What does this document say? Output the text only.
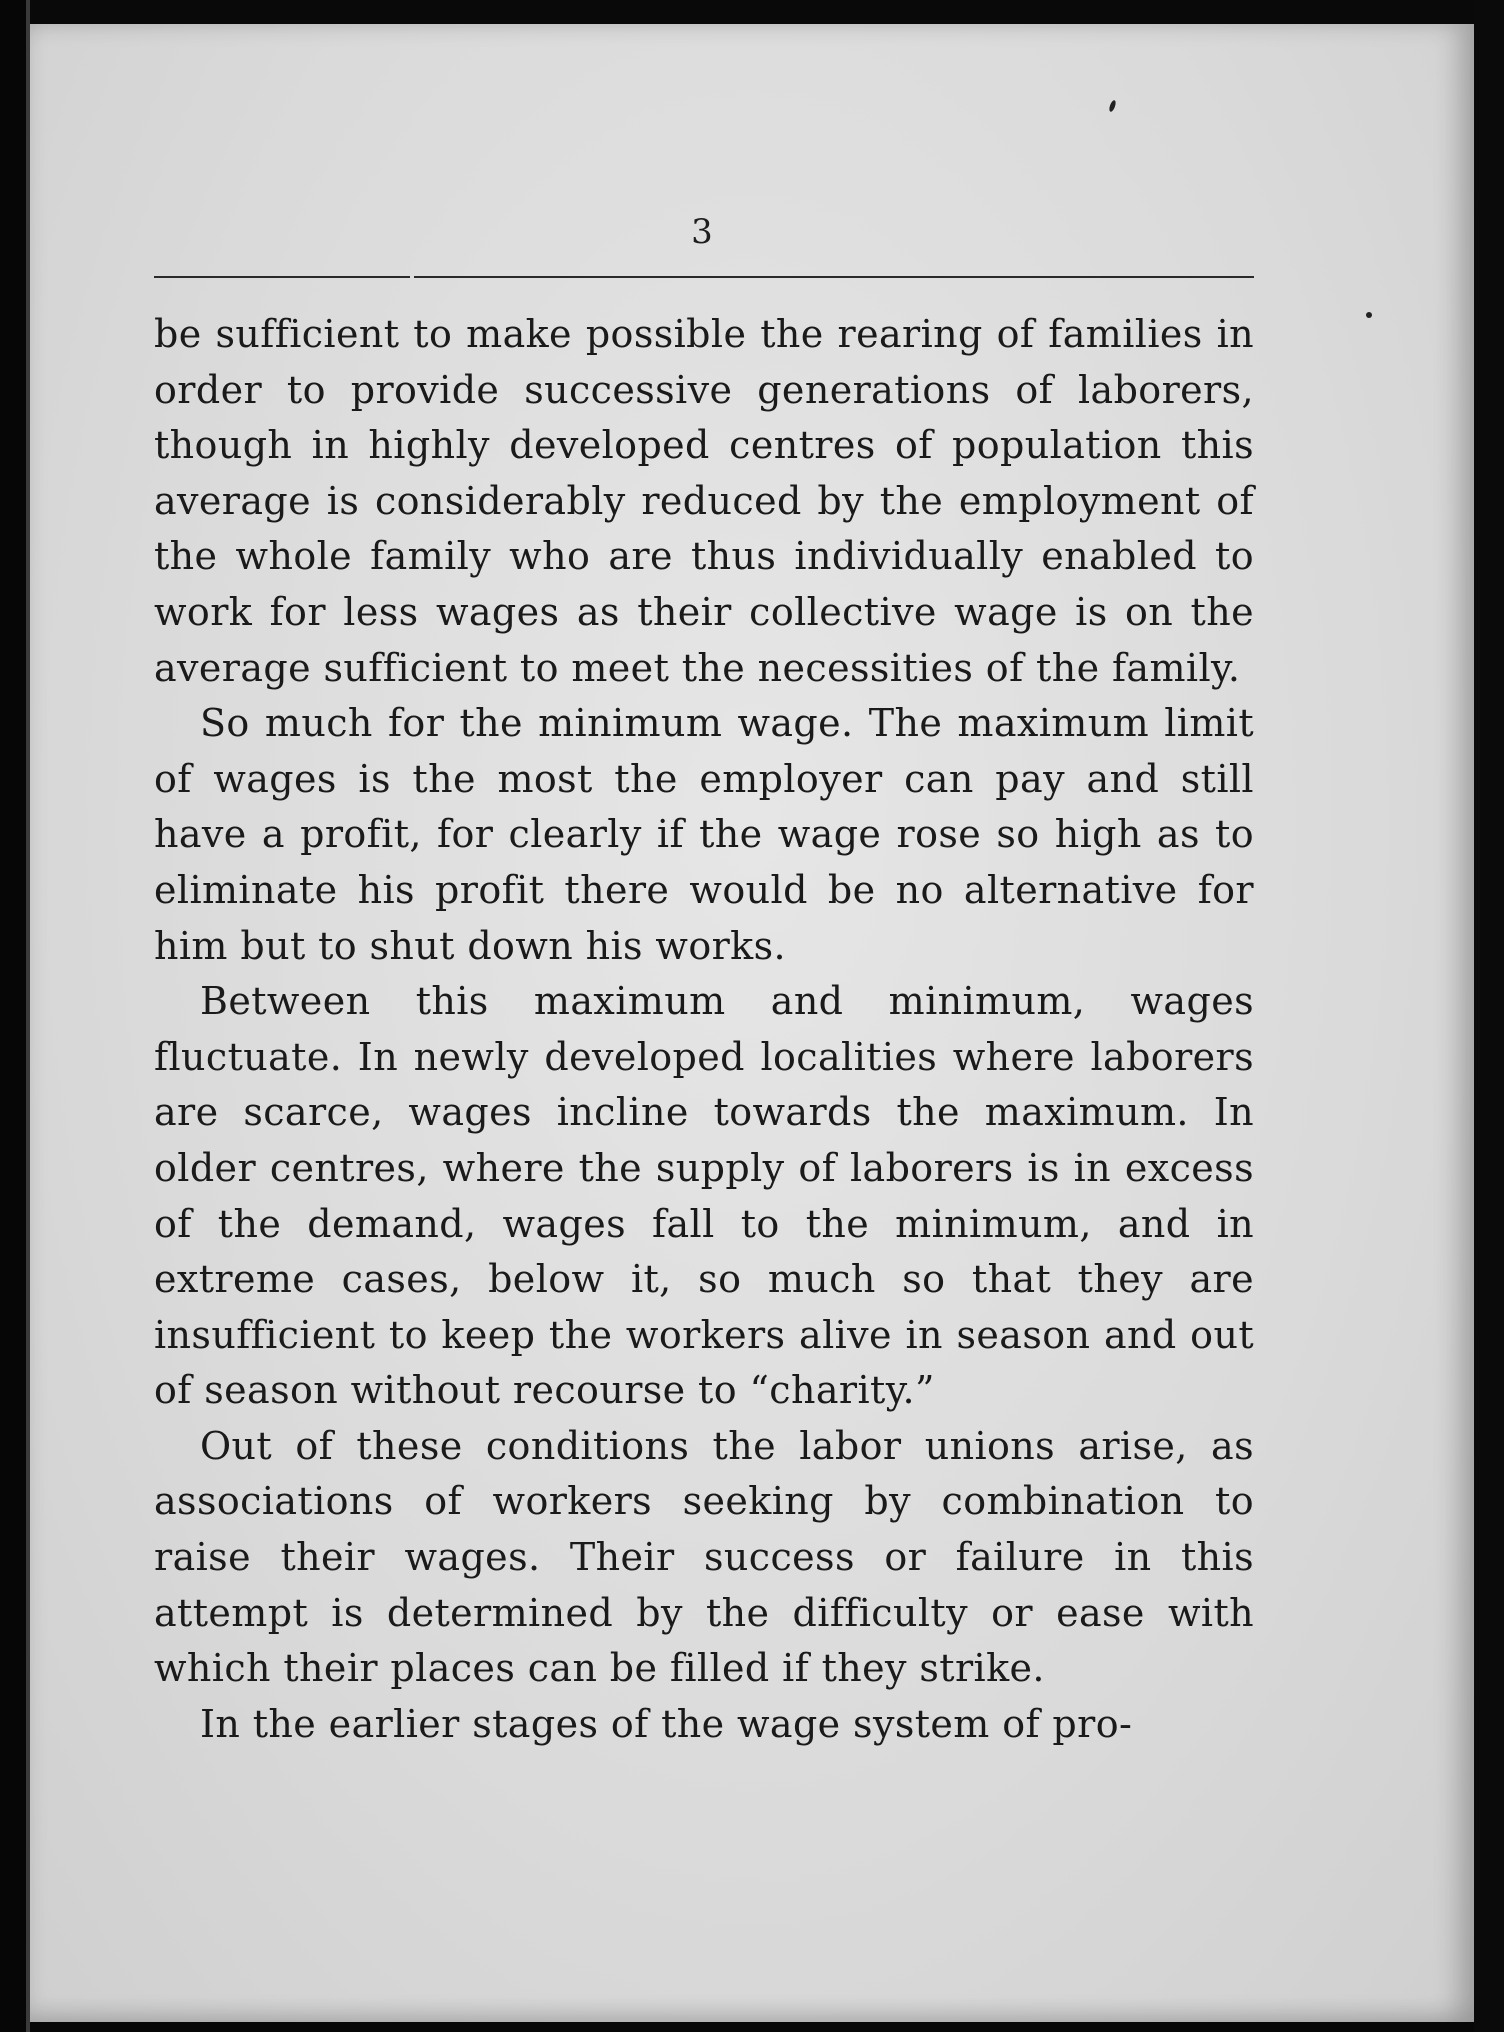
3

be sufficient to make possible the rearing of families in order to provide successive generations of laborers, though in highly developed centres of population this average is considerably reduced by the employment of the whole family who are thus individually enabled to work for less wages as their collective wage is on the average sufficient to meet the necessities of the family.

So much for the minimum wage. The maximum limit of wages is the most the employer can pay and still have a profit, for clearly if the wage rose so high as to eliminate his profit there would be no alternative for him but to shut down his works.

Between this maximum and minimum, wages fluctuate. In newly developed localities where laborers are scarce, wages incline towards the maximum. In older centres, where the supply of laborers is in excess of the demand, wages fall to the minimum, and in extreme cases, below it, so much so that they are insufficient to keep the workers alive in season and out of season without recourse to “charity.”

Out of these conditions the labor unions arise, as associations of workers seeking by combination to raise their wages. Their success or failure in this attempt is determined by the difficulty or ease with which their places can be filled if they strike.

In the earlier stages of the wage system of pro-
